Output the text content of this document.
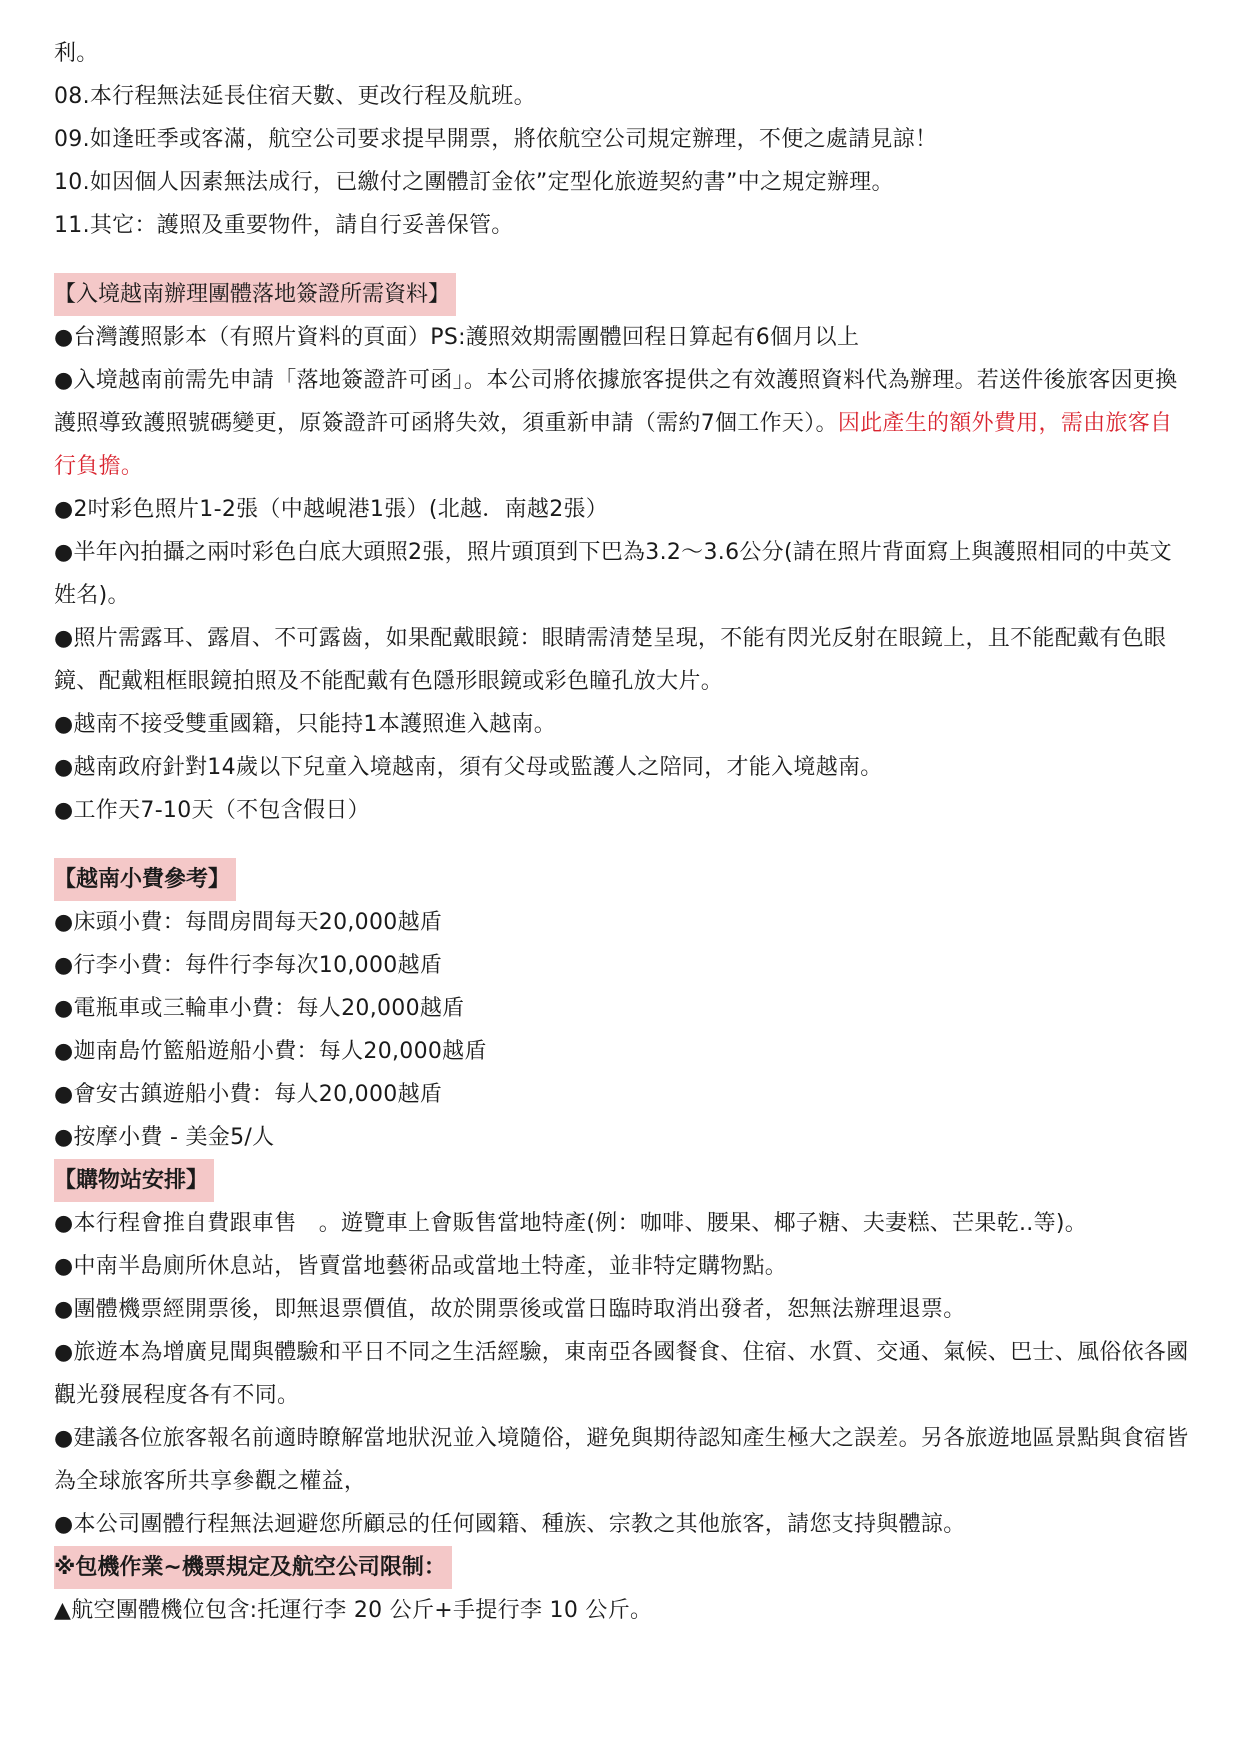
利。
08.本行程無法延長住宿天數、更改行程及航班。
09.如逢旺季或客滿，航空公司要求提早開票，將依航空公司規定辦理，不便之處請見諒！
10.如因個人因素無法成行，已繳付之團體訂金依”定型化旅遊契約書”中之規定辦理。
11.其它：護照及重要物件，請自行妥善保管。
【入境越南辦理團體落地簽證所需資料】
●台灣護照影本（有照片資料的頁面）PS:護照效期需團體回程日算起有6個月以上
●入境越南前需先申請「落地簽證許可函」。本公司將依據旅客提供之有效護照資料代為辦理。若送件後旅客因更換護照導致護照號碼變更，原簽證許可函將失效，須重新申請（需約7個工作天）。因此產生的額外費用，需由旅客自行負擔。
●2吋彩色照片1-2張（中越峴港1張）(北越．南越2張）
●半年內拍攝之兩吋彩色白底大頭照2張，照片頭頂到下巴為3.2～3.6公分(請在照片背面寫上與護照相同的中英文姓名)。
●照片需露耳、露眉、不可露齒，如果配戴眼鏡：眼睛需清楚呈現，不能有閃光反射在眼鏡上，且不能配戴有色眼鏡、配戴粗框眼鏡拍照及不能配戴有色隱形眼鏡或彩色瞳孔放大片。
●越南不接受雙重國籍，只能持1本護照進入越南。
●越南政府針對14歲以下兒童入境越南，須有父母或監護人之陪同，才能入境越南。
●工作天7-10天（不包含假日）
【越南小費參考】
●床頭小費：每間房間每天20,000越盾
●行李小費：每件行李每次10,000越盾
●電瓶車或三輪車小費：每人20,000越盾
●迦南島竹籃船遊船小費：每人20,000越盾
●會安古鎮遊船小費：每人20,000越盾
●按摩小費 - 美金5/人
【購物站安排】
●本行程會推自費跟車售　。遊覽車上會販售當地特產(例：咖啡、腰果、椰子糖、夫妻糕、芒果乾..等)。
●中南半島廁所休息站，皆賣當地藝術品或當地土特產，並非特定購物點。
●團體機票經開票後，即無退票價值，故於開票後或當日臨時取消出發者，恕無法辦理退票。
●旅遊本為增廣見聞與體驗和平日不同之生活經驗，東南亞各國餐食、住宿、水質、交通、氣候、巴士、風俗依各國觀光發展程度各有不同。
●建議各位旅客報名前適時瞭解當地狀況並入境隨俗，避免與期待認知產生極大之誤差。另各旅遊地區景點與食宿皆為全球旅客所共享參觀之權益，
●本公司團體行程無法迴避您所顧忌的任何國籍、種族、宗教之其他旅客，請您支持與體諒。
※包機作業~機票規定及航空公司限制：
▲航空團體機位包含:托運行李 20 公斤+手提行李 10 公斤。
